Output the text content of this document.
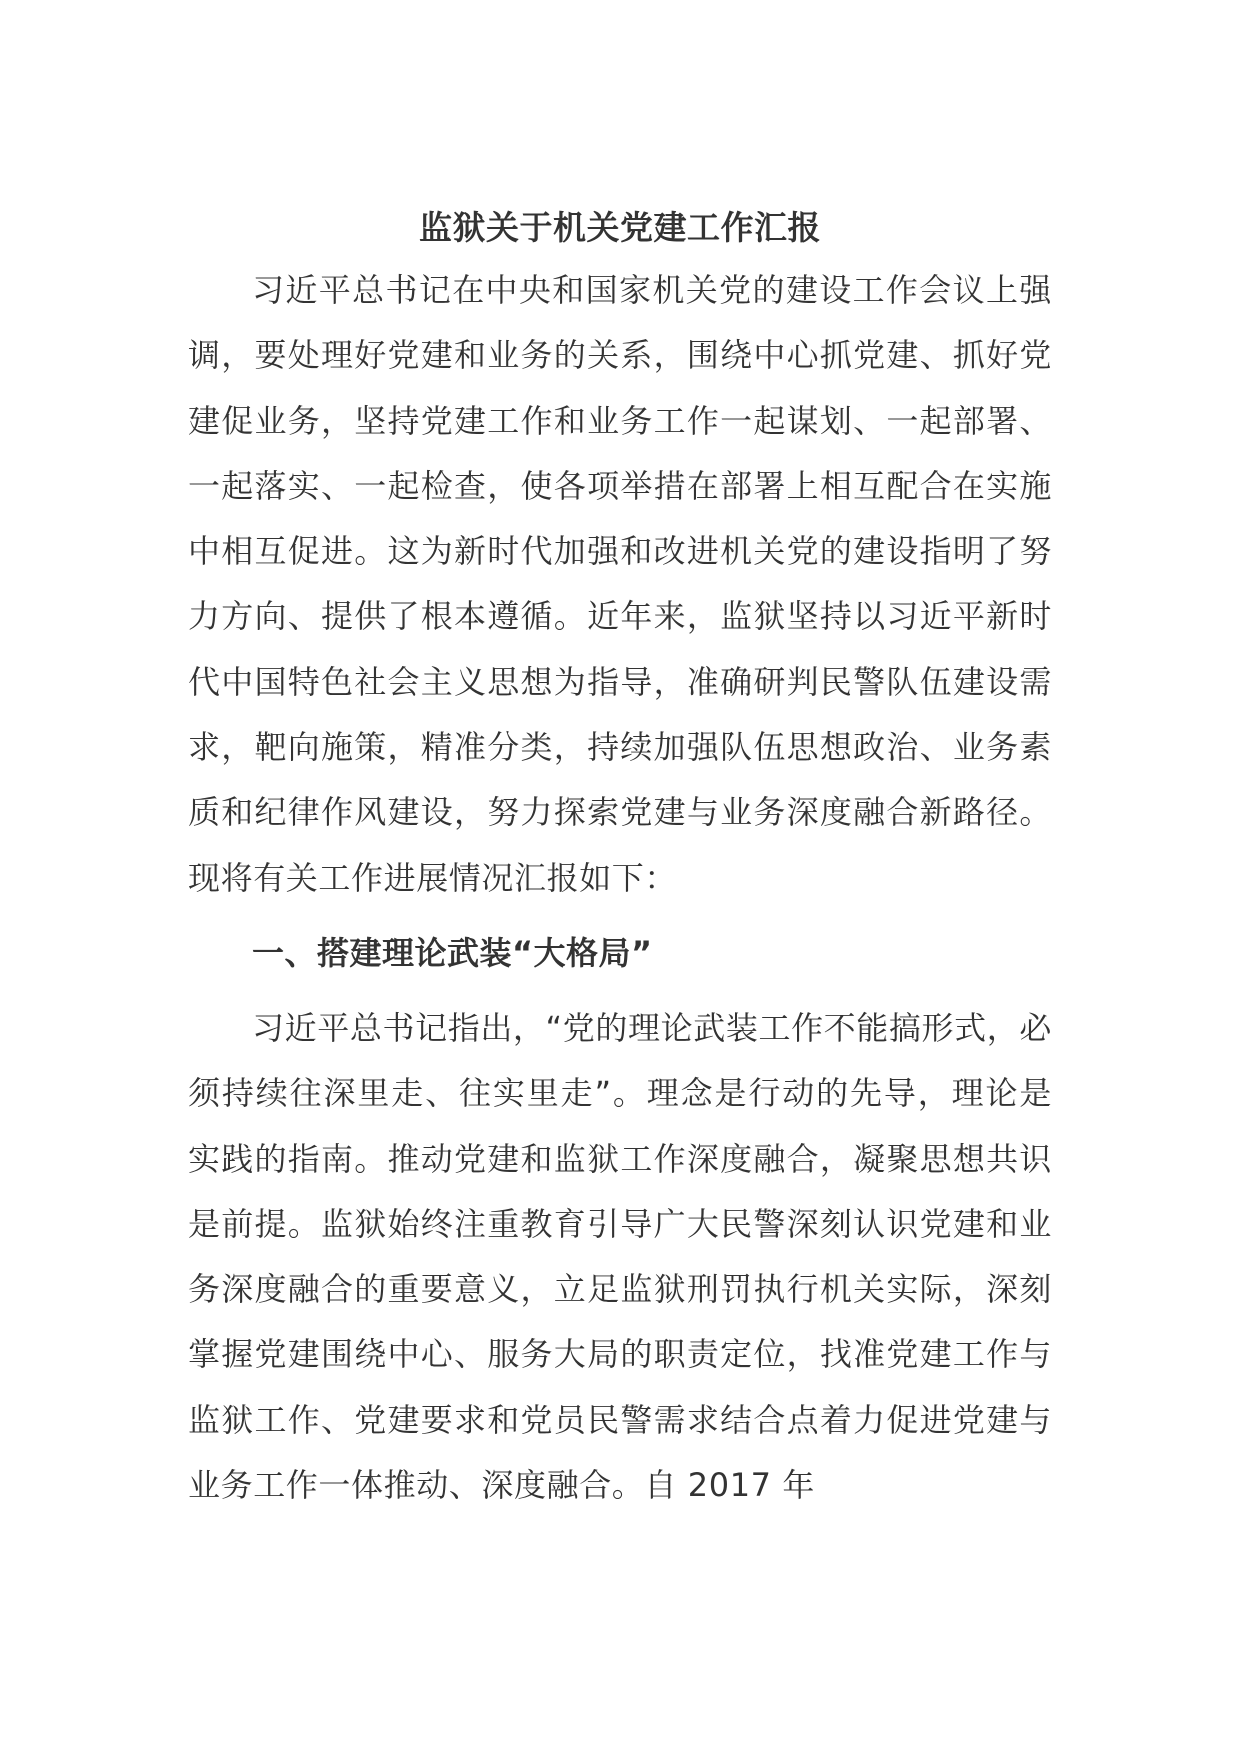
监狱关于机关党建工作汇报

习近平总书记在中央和国家机关党的建设工作会议上强调，要处理好党建和业务的关系，围绕中心抓党建、抓好党建促业务，坚持党建工作和业务工作一起谋划、一起部署、一起落实、一起检查，使各项举措在部署上相互配合在实施中相互促进。这为新时代加强和改进机关党的建设指明了努力方向、提供了根本遵循。近年来，监狱坚持以习近平新时代中国特色社会主义思想为指导，准确研判民警队伍建设需求，靶向施策，精准分类，持续加强队伍思想政治、业务素质和纪律作风建设，努力探索党建与业务深度融合新路径。现将有关工作进展情况汇报如下：

一、搭建理论武装“大格局”

习近平总书记指出，“党的理论武装工作不能搞形式，必须持续往深里走、往实里走”。理念是行动的先导，理论是实践的指南。推动党建和监狱工作深度融合，凝聚思想共识是前提。监狱始终注重教育引导广大民警深刻认识党建和业务深度融合的重要意义，立足监狱刑罚执行机关实际，深刻掌握党建围绕中心、服务大局的职责定位，找准党建工作与监狱工作、党建要求和党员民警需求结合点着力促进党建与业务工作一体推动、深度融合。自 2017 年
